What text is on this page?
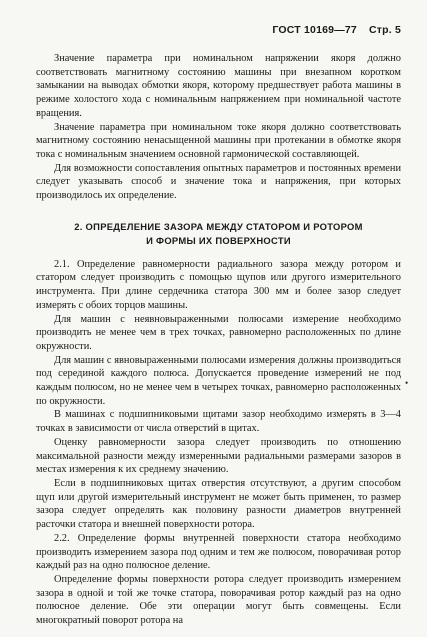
ГОСТ 10169—77 Стр. 5

Значение параметра при номинальном напряжении якоря должно соответствовать магнитному состоянию машины при внезапном коротком замыкании на выводах обмотки якоря, которому предшествует работа машины в режиме холостого хода с номинальным напряжением при номинальной частоте вращения.

Значение параметра при номинальном токе якоря должно соответствовать магнитному состоянию ненасыщенной машины при протекании в обмотке якоря тока с номинальным значением основной гармонической составляющей.

Для возможности сопоставления опытных параметров и постоянных времени следует указывать способ и значение тока и напряжения, при которых производилось их определение.

2. ОПРЕДЕЛЕНИЕ ЗАЗОРА МЕЖДУ СТАТОРОМ И РОТОРОМ
И ФОРМЫ ИХ ПОВЕРХНОСТИ

2.1. Определение равномерности радиального зазора между ротором и статором следует производить с помощью щупов или другого измерительного инструмента. При длине сердечника статора 300 мм и более зазор следует измерять с обоих торцов машины.

Для машин с неявновыраженными полюсами измерение необходимо производить не менее чем в трех точках, равномерно расположенных по длине окружности.

Для машин с явновыраженными полюсами измерения должны производиться под серединой каждого полюса. Допускается проведение измерений не под каждым полюсом, но не менее чем в четырех точках, равномерно расположенных по окружности.

В машинах с подшипниковыми щитами зазор необходимо измерять в 3—4 точках в зависимости от числа отверстий в щитах.

Оценку равномерности зазора следует производить по отношению максимальной разности между измеренными радиальными размерами зазоров в местах измерения к их среднему значению.

Если в подшипниковых щитах отверстия отсутствуют, а другим способом щуп или другой измерительный инструмент не может быть применен, то размер зазора следует определять как половину разности диаметров внутренней расточки статора и внешней поверхности ротора.

2.2. Определение формы внутренней поверхности статора необходимо производить измерением зазора под одним и тем же полюсом, поворачивая ротор каждый раз на одно полюсное деление.

Определение формы поверхности ротора следует производить измерением зазора в одной и той же точке статора, поворачивая ротор каждый раз на одно полюсное деление. Обе эти операции могут быть совмещены. Если многократный поворот ротора на

•
